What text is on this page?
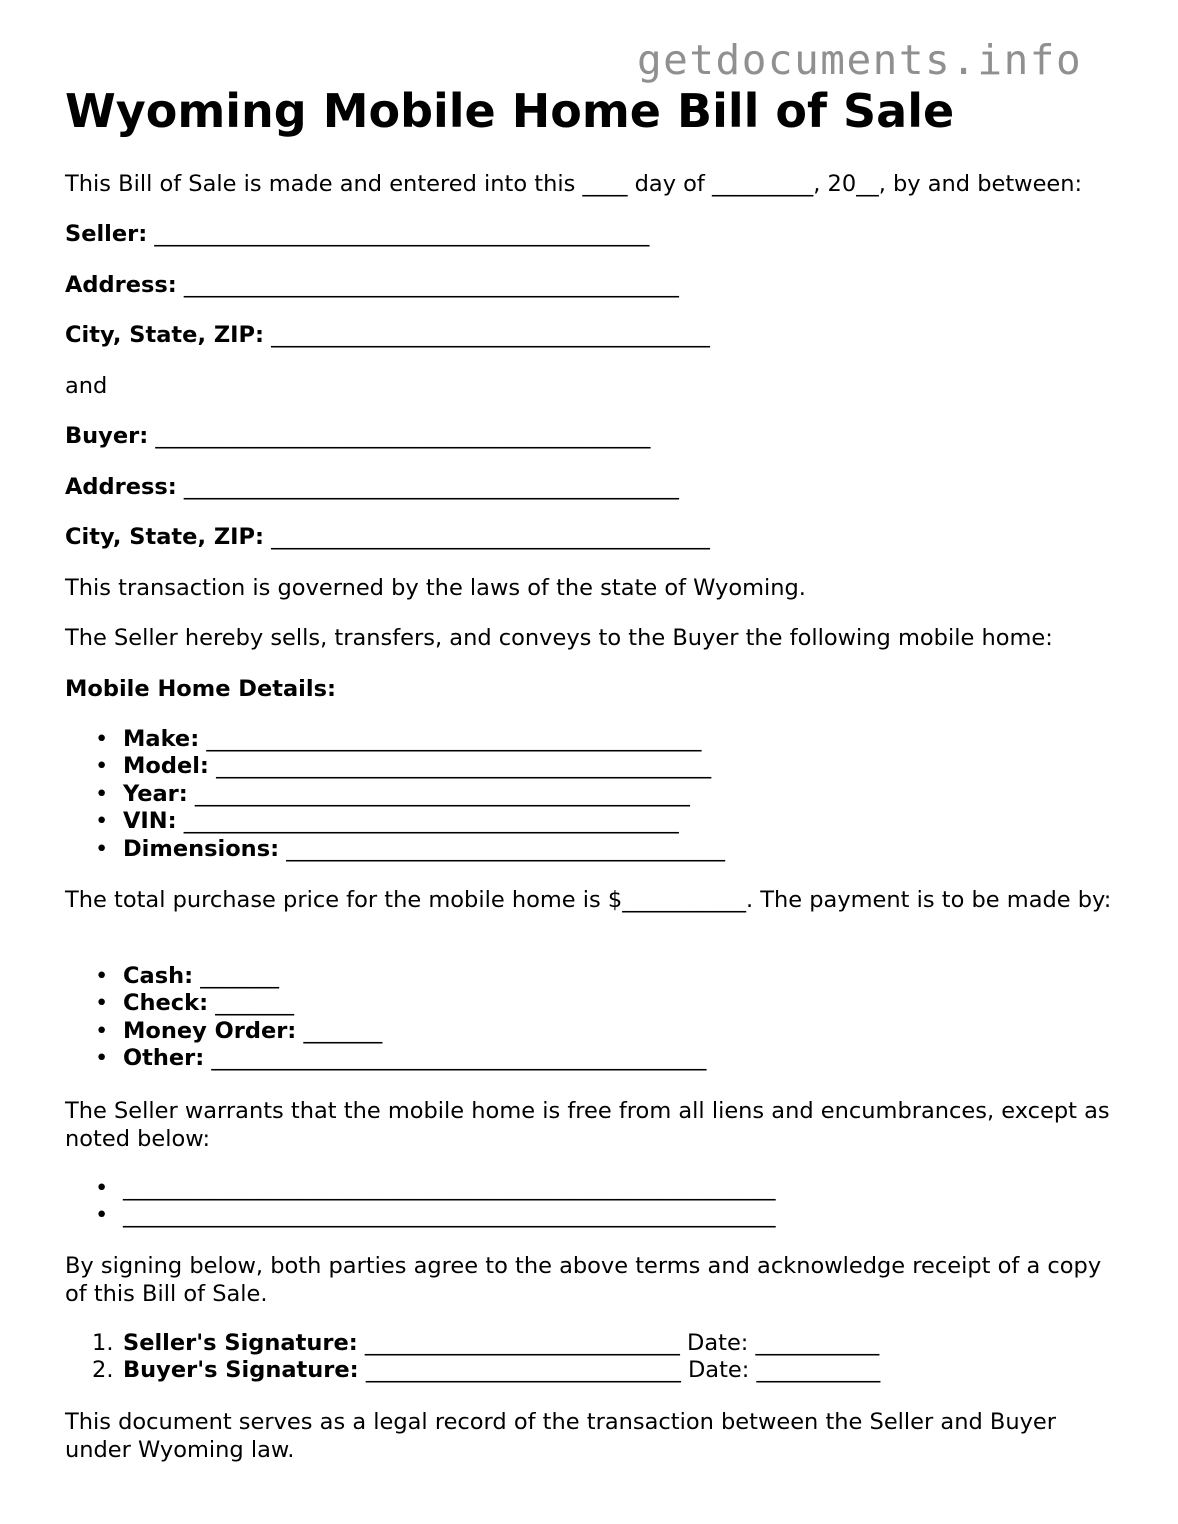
getdocuments.info
Wyoming Mobile Home Bill of Sale
This Bill of Sale is made and entered into this ____ day of _________, 20__, by and between:
Seller: ____________________________________________
Address: ____________________________________________
City, State, ZIP: _______________________________________
and
Buyer: ____________________________________________
Address: ____________________________________________
City, State, ZIP: _______________________________________
This transaction is governed by the laws of the state of Wyoming.
The Seller hereby sells, transfers, and conveys to the Buyer the following mobile home:
Mobile Home Details:
• Make: ____________________________________________
• Model: ____________________________________________
• Year: ____________________________________________
• VIN: ____________________________________________
• Dimensions: _______________________________________
The total purchase price for the mobile home is $___________. The payment is to be made by:
• Cash: _______
• Check: _______
• Money Order: _______
• Other: ____________________________________________
The Seller warrants that the mobile home is free from all liens and encumbrances, except as noted below:
• __________________________________________________________
• __________________________________________________________
By signing below, both parties agree to the above terms and acknowledge receipt of a copy of this Bill of Sale.
1. Seller's Signature: ____________________________ Date: ___________
2. Buyer's Signature: ____________________________ Date: ___________
This document serves as a legal record of the transaction between the Seller and Buyer under Wyoming law.
